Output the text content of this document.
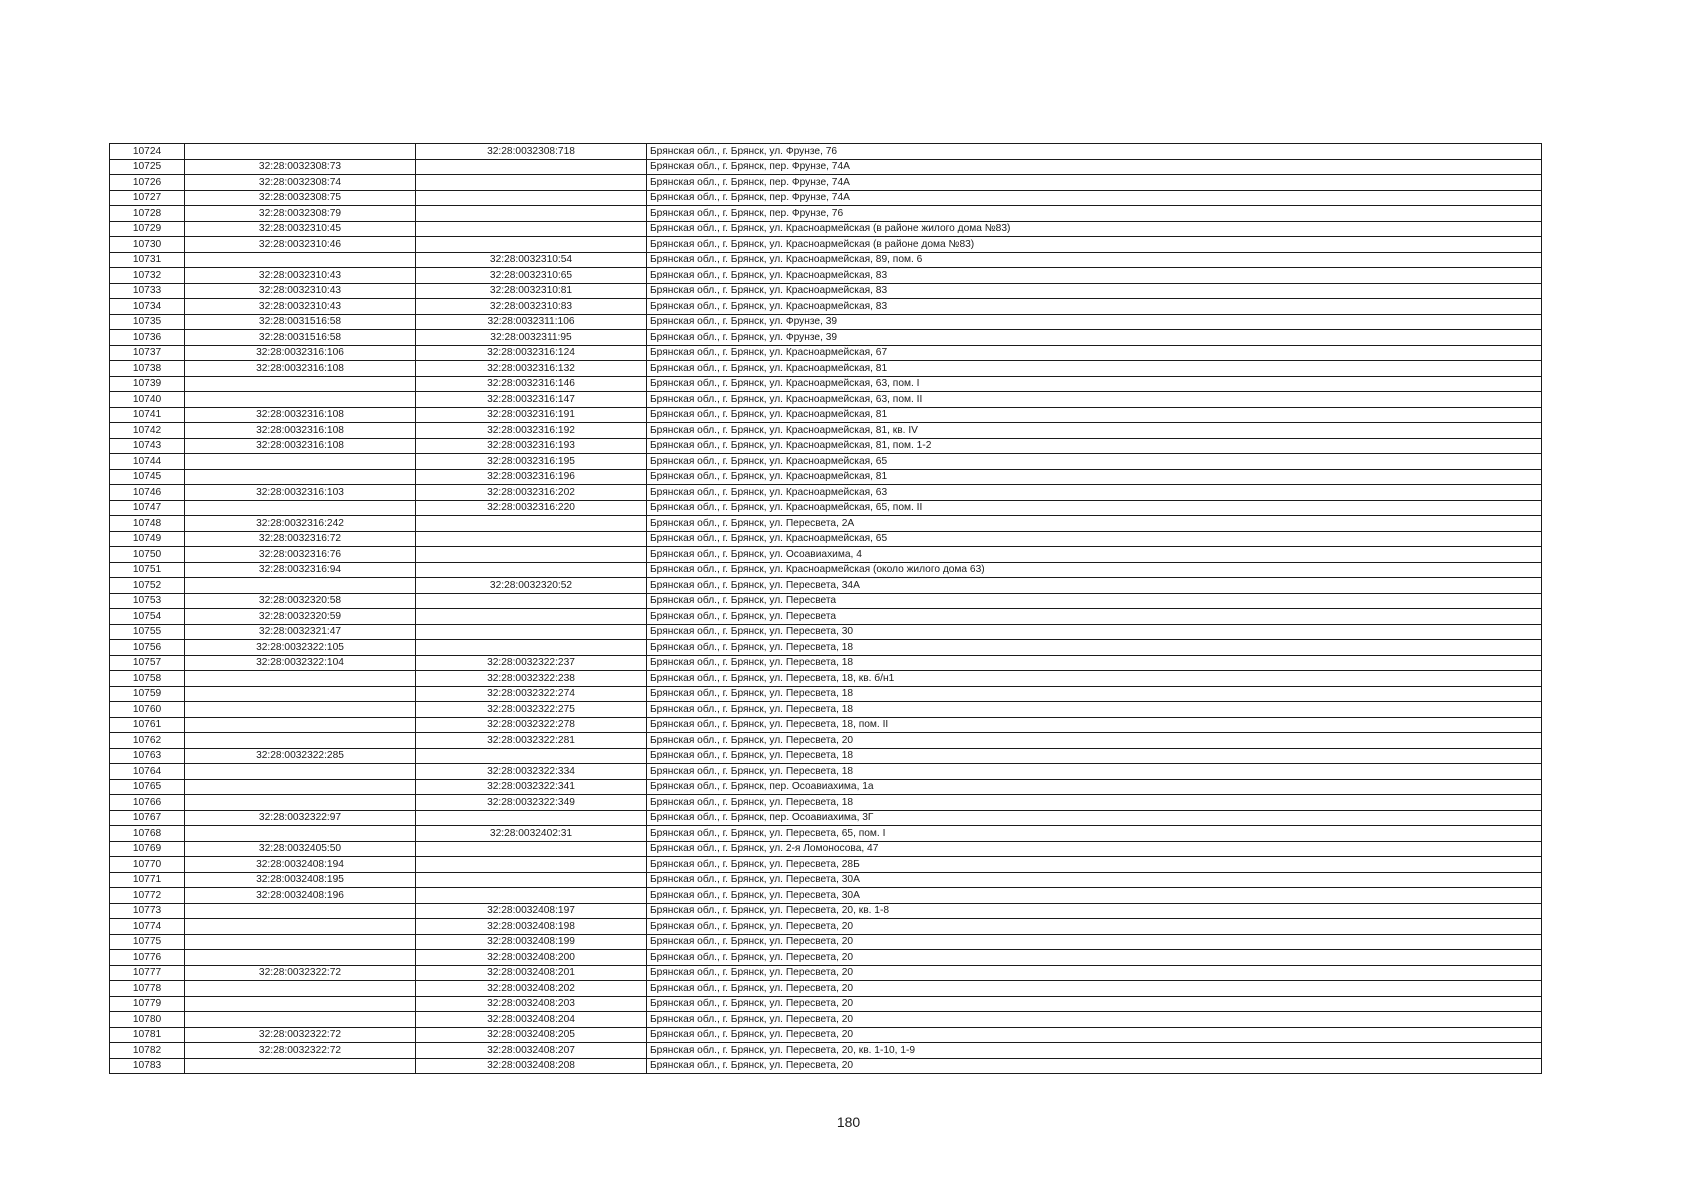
10724		32:28:0032308:718	Брянская обл., г. Брянск, ул. Фрунзе, 76
10725	32:28:0032308:73		Брянская обл., г. Брянск, пер. Фрунзе, 74А
10726	32:28:0032308:74		Брянская обл., г. Брянск, пер. Фрунзе, 74А
10727	32:28:0032308:75		Брянская обл., г. Брянск, пер. Фрунзе, 74А
10728	32:28:0032308:79		Брянская обл., г. Брянск, пер. Фрунзе, 76
10729	32:28:0032310:45		Брянская обл., г. Брянск, ул. Красноармейская (в районе жилого дома №83)
10730	32:28:0032310:46		Брянская обл., г. Брянск, ул. Красноармейская (в районе дома №83)
10731		32:28:0032310:54	Брянская обл., г. Брянск, ул. Красноармейская, 89, пом. 6
10732	32:28:0032310:43	32:28:0032310:65	Брянская обл., г. Брянск, ул. Красноармейская, 83
10733	32:28:0032310:43	32:28:0032310:81	Брянская обл., г. Брянск, ул. Красноармейская, 83
10734	32:28:0032310:43	32:28:0032310:83	Брянская обл., г. Брянск, ул. Красноармейская, 83
10735	32:28:0031516:58	32:28:0032311:106	Брянская обл., г. Брянск, ул. Фрунзе, 39
10736	32:28:0031516:58	32:28:0032311:95	Брянская обл., г. Брянск, ул. Фрунзе, 39
10737	32:28:0032316:106	32:28:0032316:124	Брянская обл., г. Брянск, ул. Красноармейская, 67
10738	32:28:0032316:108	32:28:0032316:132	Брянская обл., г. Брянск, ул. Красноармейская, 81
10739		32:28:0032316:146	Брянская обл., г. Брянск, ул. Красноармейская, 63, пом. I
10740		32:28:0032316:147	Брянская обл., г. Брянск, ул. Красноармейская, 63, пом. II
10741	32:28:0032316:108	32:28:0032316:191	Брянская обл., г. Брянск, ул. Красноармейская, 81
10742	32:28:0032316:108	32:28:0032316:192	Брянская обл., г. Брянск, ул. Красноармейская, 81, кв. IV
10743	32:28:0032316:108	32:28:0032316:193	Брянская обл., г. Брянск, ул. Красноармейская, 81, пом. 1-2
10744		32:28:0032316:195	Брянская обл., г. Брянск, ул. Красноармейская, 65
10745		32:28:0032316:196	Брянская обл., г. Брянск, ул. Красноармейская, 81
10746	32:28:0032316:103	32:28:0032316:202	Брянская обл., г. Брянск, ул. Красноармейская, 63
10747		32:28:0032316:220	Брянская обл., г. Брянск, ул. Красноармейская, 65, пом. II
10748	32:28:0032316:242		Брянская обл., г. Брянск, ул. Пересвета, 2А
10749	32:28:0032316:72		Брянская обл., г. Брянск, ул. Красноармейская, 65
10750	32:28:0032316:76		Брянская обл., г. Брянск, ул. Осоавиахима, 4
10751	32:28:0032316:94		Брянская обл., г. Брянск, ул. Красноармейская (около жилого дома 63)
10752		32:28:0032320:52	Брянская обл., г. Брянск, ул. Пересвета, 34А
10753	32:28:0032320:58		Брянская обл., г. Брянск, ул. Пересвета
10754	32:28:0032320:59		Брянская обл., г. Брянск, ул. Пересвета
10755	32:28:0032321:47		Брянская обл., г. Брянск, ул. Пересвета, 30
10756	32:28:0032322:105		Брянская обл., г. Брянск, ул. Пересвета, 18
10757	32:28:0032322:104	32:28:0032322:237	Брянская обл., г. Брянск, ул. Пересвета, 18
10758		32:28:0032322:238	Брянская обл., г. Брянск, ул. Пересвета, 18, кв. б/н1
10759		32:28:0032322:274	Брянская обл., г. Брянск, ул. Пересвета, 18
10760		32:28:0032322:275	Брянская обл., г. Брянск, ул. Пересвета, 18
10761		32:28:0032322:278	Брянская обл., г. Брянск, ул. Пересвета, 18, пом. II
10762		32:28:0032322:281	Брянская обл., г. Брянск, ул. Пересвета, 20
10763	32:28:0032322:285		Брянская обл., г. Брянск, ул. Пересвета, 18
10764		32:28:0032322:334	Брянская обл., г. Брянск, ул. Пересвета, 18
10765		32:28:0032322:341	Брянская обл., г. Брянск, пер. Осоавиахима, 1а
10766		32:28:0032322:349	Брянская обл., г. Брянск, ул. Пересвета, 18
10767	32:28:0032322:97		Брянская обл., г. Брянск, пер. Осоавиахима, 3Г
10768		32:28:0032402:31	Брянская обл., г. Брянск, ул. Пересвета, 65, пом. I
10769	32:28:0032405:50		Брянская обл., г. Брянск, ул. 2-я Ломоносова, 47
10770	32:28:0032408:194		Брянская обл., г. Брянск, ул. Пересвета, 28Б
10771	32:28:0032408:195		Брянская обл., г. Брянск, ул. Пересвета, 30А
10772	32:28:0032408:196		Брянская обл., г. Брянск, ул. Пересвета, 30А
10773		32:28:0032408:197	Брянская обл., г. Брянск, ул. Пересвета, 20, кв. 1-8
10774		32:28:0032408:198	Брянская обл., г. Брянск, ул. Пересвета, 20
10775		32:28:0032408:199	Брянская обл., г. Брянск, ул. Пересвета, 20
10776		32:28:0032408:200	Брянская обл., г. Брянск, ул. Пересвета, 20
10777	32:28:0032322:72	32:28:0032408:201	Брянская обл., г. Брянск, ул. Пересвета, 20
10778		32:28:0032408:202	Брянская обл., г. Брянск, ул. Пересвета, 20
10779		32:28:0032408:203	Брянская обл., г. Брянск, ул. Пересвета, 20
10780		32:28:0032408:204	Брянская обл., г. Брянск, ул. Пересвета, 20
10781	32:28:0032322:72	32:28:0032408:205	Брянская обл., г. Брянск, ул. Пересвета, 20
10782	32:28:0032322:72	32:28:0032408:207	Брянская обл., г. Брянск, ул. Пересвета, 20, кв. 1-10, 1-9
10783		32:28:0032408:208	Брянская обл., г. Брянск, ул. Пересвета, 20
180
